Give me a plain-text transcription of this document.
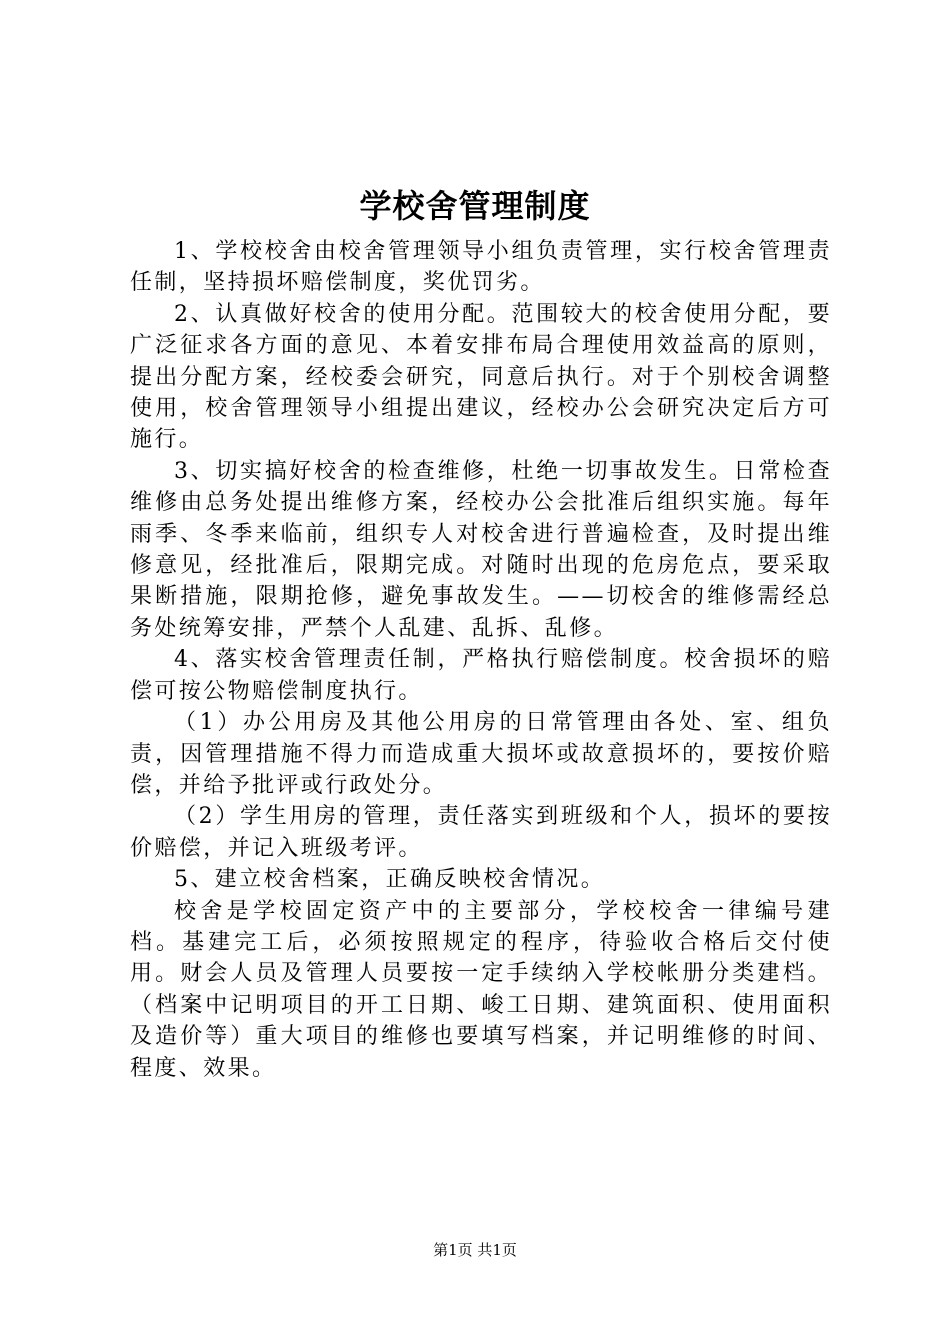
学校舍管理制度

1、学校校舍由校舍管理领导小组负责管理，实行校舍管理责任制，坚持损坏赔偿制度，奖优罚劣。

2、认真做好校舍的使用分配。范围较大的校舍使用分配，要广泛征求各方面的意见、本着安排布局合理使用效益高的原则，提出分配方案，经校委会研究，同意后执行。对于个别校舍调整使用，校舍管理领导小组提出建议，经校办公会研究决定后方可施行。

3、切实搞好校舍的检查维修，杜绝一切事故发生。日常检查维修由总务处提出维修方案，经校办公会批准后组织实施。每年雨季、冬季来临前，组织专人对校舍进行普遍检查，及时提出维修意见，经批准后，限期完成。对随时出现的危房危点，要采取果断措施，限期抢修，避免事故发生。——切校舍的维修需经总务处统筹安排，严禁个人乱建、乱拆、乱修。

4、落实校舍管理责任制，严格执行赔偿制度。校舍损坏的赔偿可按公物赔偿制度执行。

（1）办公用房及其他公用房的日常管理由各处、室、组负责，因管理措施不得力而造成重大损坏或故意损坏的，要按价赔偿，并给予批评或行政处分。

（2）学生用房的管理，责任落实到班级和个人，损坏的要按价赔偿，并记入班级考评。

5、建立校舍档案，正确反映校舍情况。

校舍是学校固定资产中的主要部分，学校校舍一律编号建档。基建完工后，必须按照规定的程序，待验收合格后交付使用。财会人员及管理人员要按一定手续纳入学校帐册分类建档。（档案中记明项目的开工日期、峻工日期、建筑面积、使用面积及造价等）重大项目的维修也要填写档案，并记明维修的时间、程度、效果。

第1页 共1页
